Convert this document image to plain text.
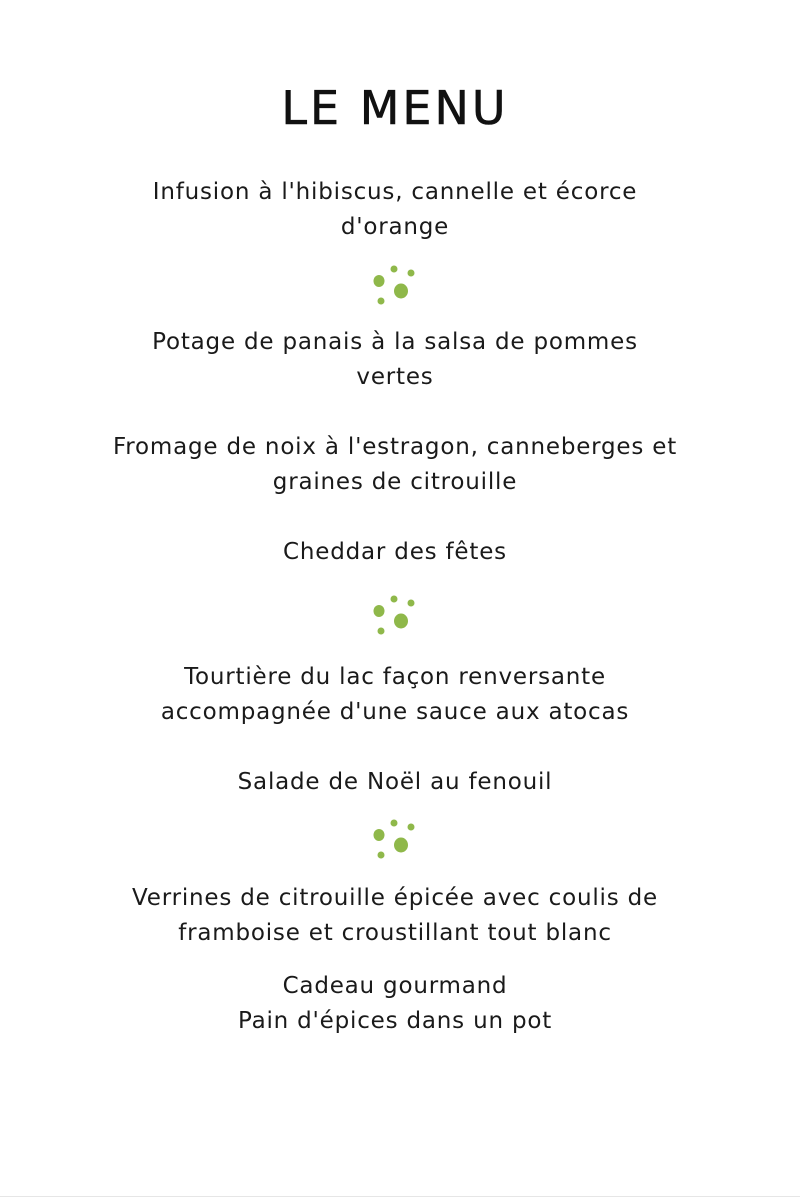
LE MENU
Infusion à l'hibiscus, cannelle et écorce
d'orange
Potage de panais à la salsa de pommes
vertes
Fromage de noix à l'estragon, canneberges et
graines de citrouille
Cheddar des fêtes
Tourtière du lac façon renversante
accompagnée d'une sauce aux atocas
Salade de Noël au fenouil
Verrines de citrouille épicée avec coulis de
framboise et croustillant tout blanc
Cadeau gourmand
Pain d'épices dans un pot
